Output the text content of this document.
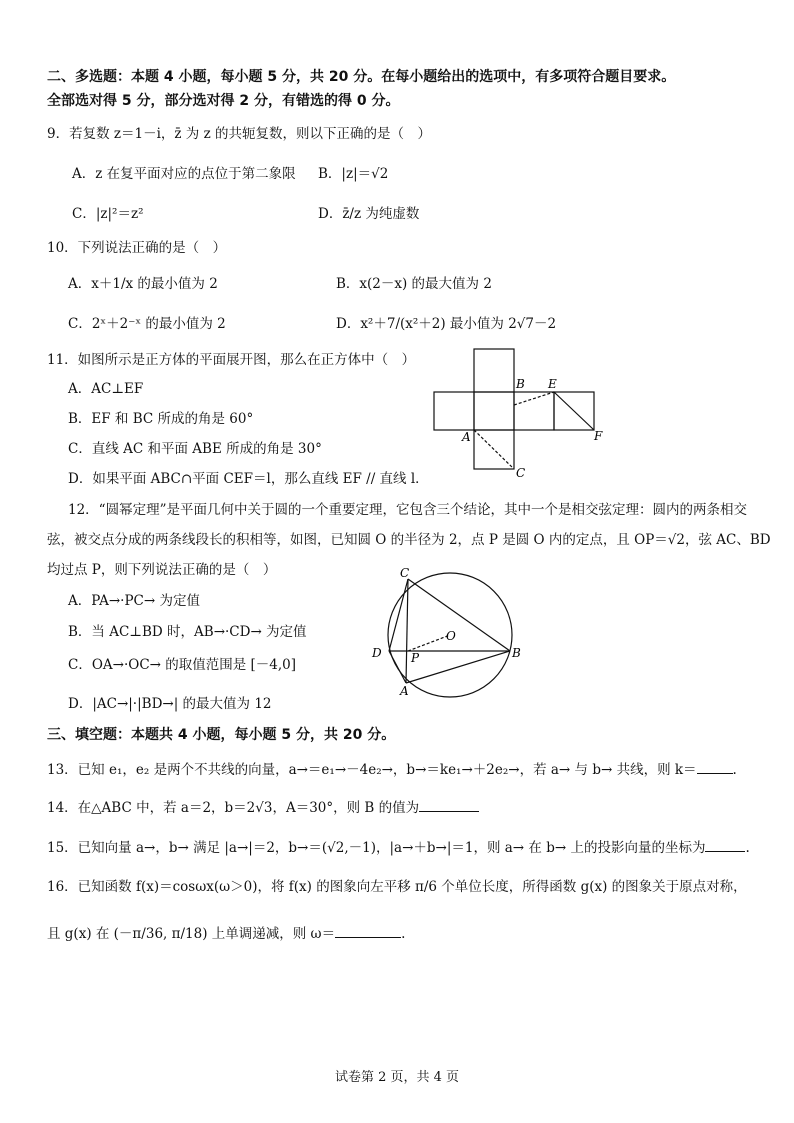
二、多选题：本题 4 小题，每小题 5 分，共 20 分。在每小题给出的选项中，有多项符合题目要求。
全部选对得 5 分，部分选对得 2 分，有错选的得 0 分。
9．若复数 z＝1－i，z̄ 为 z 的共轭复数，则以下正确的是（　）
A．z 在复平面对应的点位于第二象限 B．|z|＝√2
C．|z|²＝z²	D．z̄/z 为纯虚数
10．下列说法正确的是（　）
A．x＋1/x 的最小值为 2	B．x(2－x) 的最大值为 2
C．2ˣ＋2⁻ˣ 的最小值为 2	D．x²＋7/(x²＋2) 最小值为 2√7－2
11．如图所示是正方体的平面展开图，那么在正方体中（　）
A．AC⊥EF
B．EF 和 BC 所成的角是 60°
C．直线 AC 和平面 ABE 所成的角是 30°
D．如果平面 ABC∩平面 CEF＝l，那么直线 EF // 直线 l．
B E
A	F
C
12．“圆幂定理”是平面几何中关于圆的一个重要定理，它包含三个结论，其中一个是相交弦定理：圆内的两条相交
弦，被交点分成的两条线段长的积相等，如图，已知圆 O 的半径为 2，点 P 是圆 O 内的定点，且 OP＝√2，弦 AC、BD
均过点 P，则下列说法正确的是（　）
A．PA→·PC→ 为定值
B．当 AC⊥BD 时，AB→·CD→ 为定值
C．OA→·OC→ 的取值范围是 [－4,0]
D．|AC→|·|BD→| 的最大值为 12
C
O
D P	B
A
三、填空题：本题共 4 小题，每小题 5 分，共 20 分。
13．已知 e₁，e₂ 是两个不共线的向量，a→＝e₁→－4e₂→，b→＝ke₁→＋2e₂→，若 a→ 与 b→ 共线，则 k＝	.
14．在△ABC 中，若 a＝2，b＝2√3，A＝30°，则 B 的值为
15．已知向量 a→，b→ 满足 |a→|＝2，b→＝(√2,－1)，|a→＋b→|＝1，则 a→ 在 b→ 上的投影向量的坐标为	.
16．已知函数 f(x)＝cosωx(ω＞0)，将 f(x) 的图象向左平移 π/6 个单位长度，所得函数 g(x) 的图象关于原点对称，
且 g(x) 在 (－π/36, π/18) 上单调递减，则 ω＝	.
试卷第 2 页，共 4 页
